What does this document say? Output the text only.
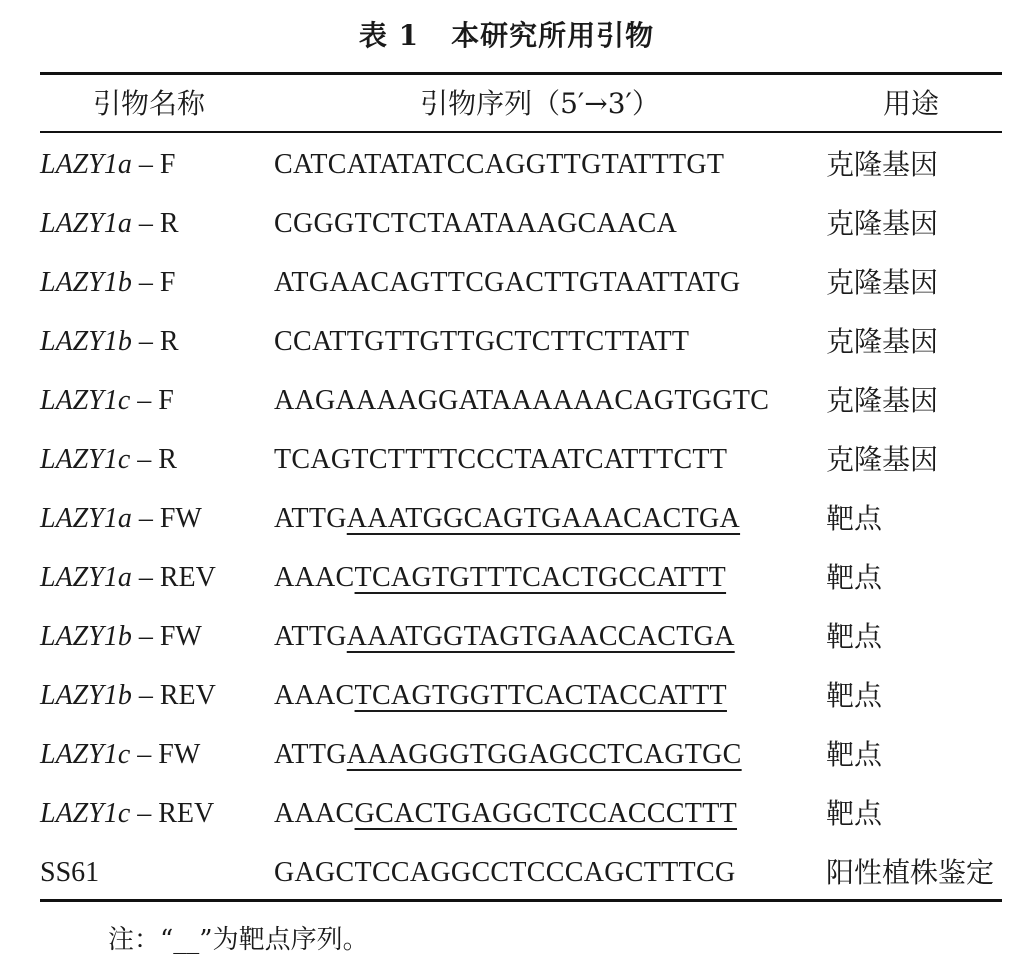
表 1 本研究所用引物
引物名称	引物序列（5′→3′）	用途
LAZY1a – F	CATCATATATCCAGGTTGTATTTGT	克隆基因
LAZY1a – R	CGGGTCTCTAATAAAGCAACA	克隆基因
LAZY1b – F	ATGAACAGTTCGACTTGTAATTATG	克隆基因
LAZY1b – R	CCATTGTTGTTGCTCTTCTTATT	克隆基因
LAZY1c – F	AAGAAAAGGATAAAAAACAGTGGTC 克隆基因
LAZY1c – R	TCAGTCTTTTCCCTAATCATTTCTT	克隆基因
LAZY1a – FW	ATTGAAATGGCAGTGAAACACTGA	靶点
LAZY1a – REV AAACTCAGTGTTTCACTGCCATTT	靶点
LAZY1b – FW	ATTGAAATGGTAGTGAACCACTGA	靶点
LAZY1b – REV AAACTCAGTGGTTCACTACCATTT	靶点
LAZY1c – FW	ATTGAAAGGGTGGAGCCTCAGTGC	靶点
LAZY1c – REV AAACGCACTGAGGCTCCACCCTTT	靶点
SS61	GAGCTCCAGGCCTCCCAGCTTTCG	阳性植株鉴定
注：“__”为靶点序列。
